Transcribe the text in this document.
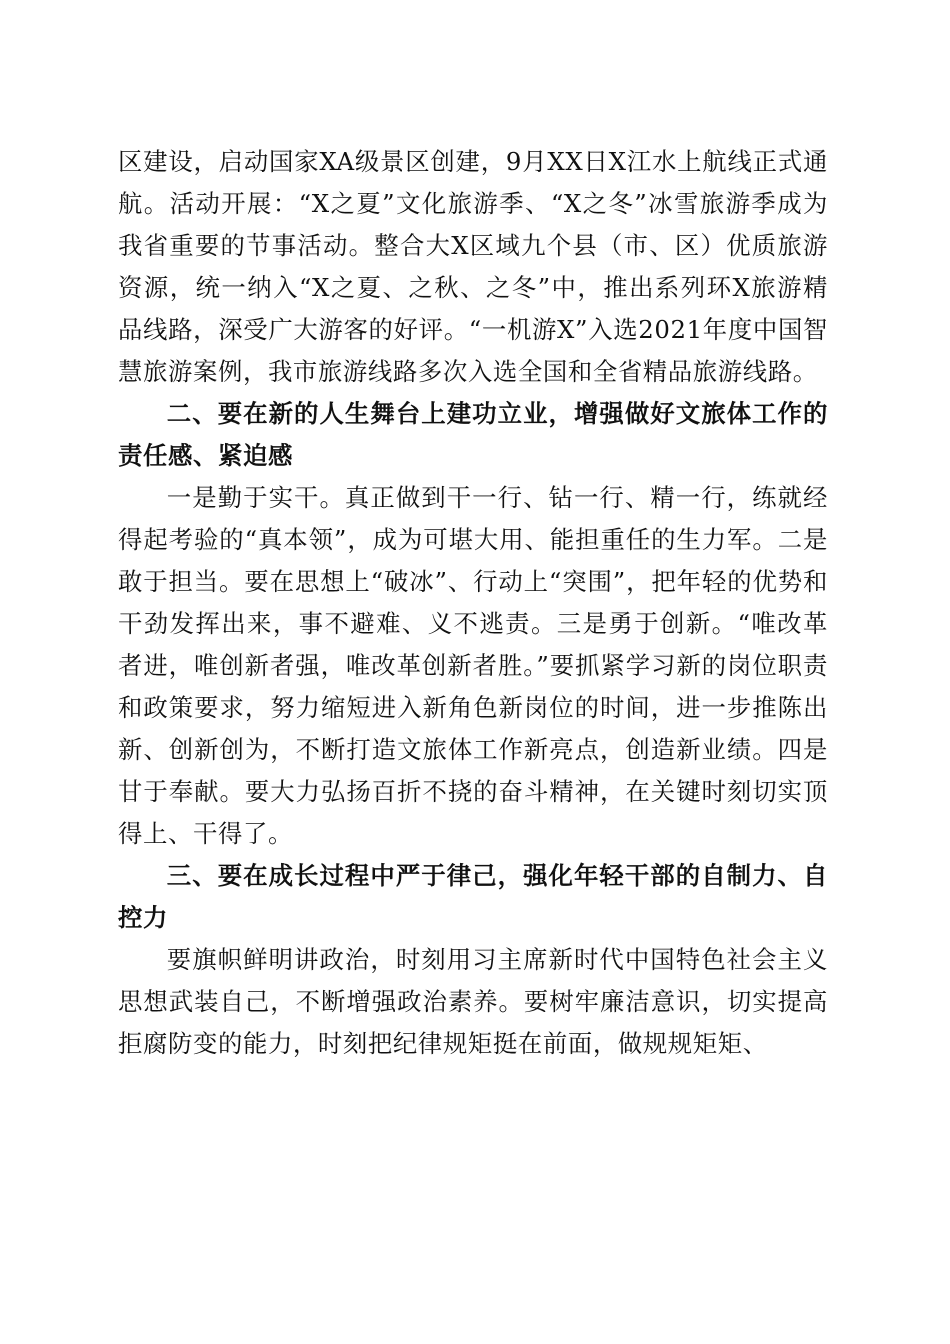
区建设，启动国家XA级景区创建，9月XX日X江水上航线正式通航。活动开展：“X之夏”文化旅游季、“X之冬”冰雪旅游季成为我省重要的节事活动。整合大X区域九个县（市、区）优质旅游资源，统一纳入“X之夏、之秋、之冬”中，推出系列环X旅游精品线路，深受广大游客的好评。“一机游X”入选2021年度中国智慧旅游案例，我市旅游线路多次入选全国和全省精品旅游线路。

二、要在新的人生舞台上建功立业，增强做好文旅体工作的责任感、紧迫感

一是勤于实干。真正做到干一行、钻一行、精一行，练就经得起考验的“真本领”，成为可堪大用、能担重任的生力军。二是敢于担当。要在思想上“破冰”、行动上“突围”，把年轻的优势和干劲发挥出来，事不避难、义不逃责。三是勇于创新。“唯改革者进，唯创新者强，唯改革创新者胜。”要抓紧学习新的岗位职责和政策要求，努力缩短进入新角色新岗位的时间，进一步推陈出新、创新创为，不断打造文旅体工作新亮点，创造新业绩。四是甘于奉献。要大力弘扬百折不挠的奋斗精神，在关键时刻切实顶得上、干得了。

三、要在成长过程中严于律己，强化年轻干部的自制力、自控力

要旗帜鲜明讲政治，时刻用习主席新时代中国特色社会主义思想武装自己，不断增强政治素养。要树牢廉洁意识，切实提高拒腐防变的能力，时刻把纪律规矩挺在前面，做规规矩矩、
